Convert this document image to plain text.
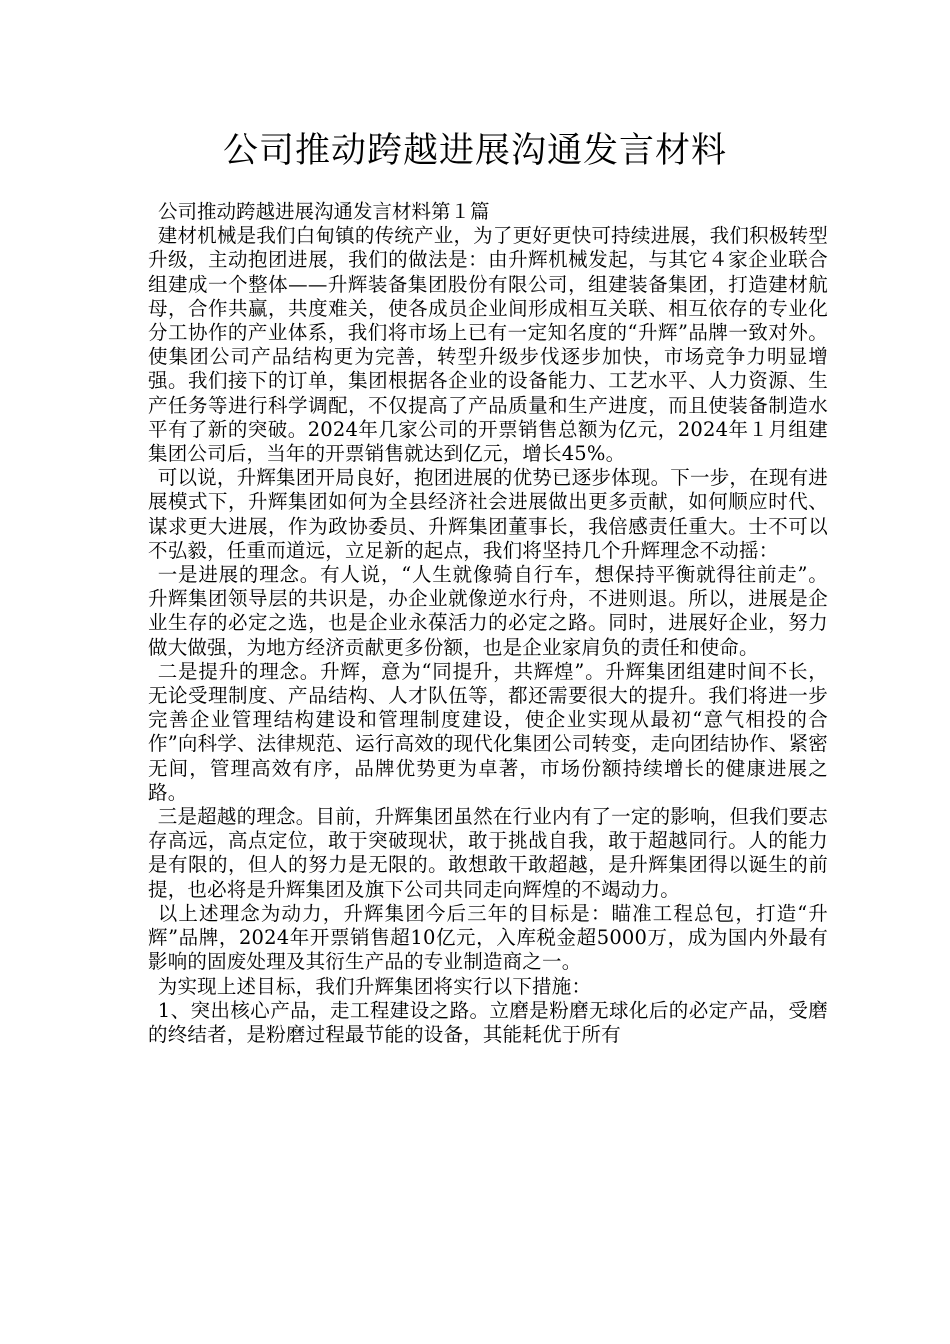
公司推动跨越进展沟通发言材料

公司推动跨越进展沟通发言材料第１篇

建材机械是我们白甸镇的传统产业，为了更好更快可持续进展，我们积极转型升级，主动抱团进展，我们的做法是：由升辉机械发起，与其它４家企业联合组建成一个整体——升辉装备集团股份有限公司，组建装备集团，打造建材航母，合作共赢，共度难关，使各成员企业间形成相互关联、相互依存的专业化分工协作的产业体系，我们将市场上已有一定知名度的“升辉”品牌一致对外。使集团公司产品结构更为完善，转型升级步伐逐步加快，市场竞争力明显增强。我们接下的订单，集团根据各企业的设备能力、工艺水平、人力资源、生产任务等进行科学调配，不仅提高了产品质量和生产进度，而且使装备制造水平有了新的突破。2024年几家公司的开票销售总额为亿元，2024年１月组建集团公司后，当年的开票销售就达到亿元，增长45%。

可以说，升辉集团开局良好，抱团进展的优势已逐步体现。下一步，在现有进展模式下，升辉集团如何为全县经济社会进展做出更多贡献，如何顺应时代、谋求更大进展，作为政协委员、升辉集团董事长，我倍感责任重大。士不可以不弘毅，任重而道远，立足新的起点，我们将坚持几个升辉理念不动摇：

一是进展的理念。有人说，“人生就像骑自行车，想保持平衡就得往前走”。升辉集团领导层的共识是，办企业就像逆水行舟，不进则退。所以，进展是企业生存的必定之选，也是企业永葆活力的必定之路。同时，进展好企业，努力做大做强，为地方经济贡献更多份额，也是企业家肩负的责任和使命。

二是提升的理念。升辉，意为“同提升，共辉煌”。升辉集团组建时间不长，无论受理制度、产品结构、人才队伍等，都还需要很大的提升。我们将进一步完善企业管理结构建设和管理制度建设，使企业实现从最初“意气相投的合作”向科学、法律规范、运行高效的现代化集团公司转变，走向团结协作、紧密无间，管理高效有序，品牌优势更为卓著，市场份额持续增长的健康进展之路。

三是超越的理念。目前，升辉集团虽然在行业内有了一定的影响，但我们要志存高远，高点定位，敢于突破现状，敢于挑战自我，敢于超越同行。人的能力是有限的，但人的努力是无限的。敢想敢干敢超越，是升辉集团得以诞生的前提，也必将是升辉集团及旗下公司共同走向辉煌的不竭动力。

以上述理念为动力，升辉集团今后三年的目标是：瞄准工程总包，打造“升辉”品牌，2024年开票销售超10亿元，入库税金超5000万，成为国内外最有影响的固废处理及其衍生产品的专业制造商之一。

为实现上述目标，我们升辉集团将实行以下措施：

1、突出核心产品，走工程建设之路。立磨是粉磨无球化后的必定产品，受磨的终结者，是粉磨过程最节能的设备，其能耗优于所有
